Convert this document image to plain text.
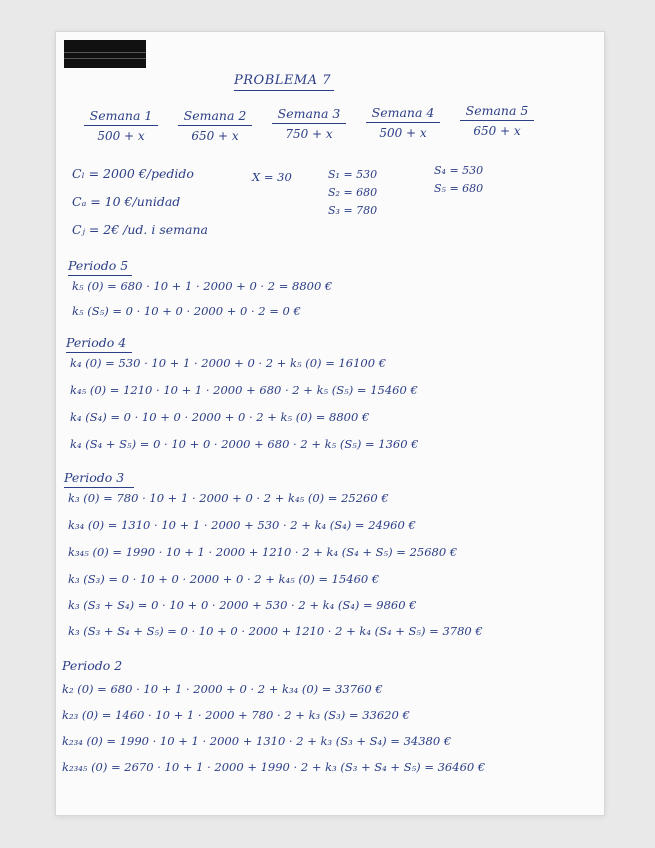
PROBLEMA 7
Semana 1
500 + x
Semana 2
650 + x
Semana 3
750 + x
Semana 4
500 + x
Semana 5
650 + x
Cₗ = 2000 €/pedido
Cₐ = 10 €/unidad
Cⱼ = 2€ /ud. i semana
X = 30	S₁ = 530
S₂ = 680
S₃ = 780
S₄ = 530
S₅ = 680
Periodo 5
k₅ (0) = 680 · 10 + 1 · 2000 + 0 · 2 = 8800 €
k₅ (S₅) = 0 · 10 + 0 · 2000 + 0 · 2 = 0 €
Periodo 4
k₄ (0) = 530 · 10 + 1 · 2000 + 0 · 2 + k₅ (0) = 16100 €
k₄₅ (0) = 1210 · 10 + 1 · 2000 + 680 · 2 + k₅ (S₅) = 15460 €
k₄ (S₄) = 0 · 10 + 0 · 2000 + 0 · 2 + k₅ (0) = 8800 €
k₄ (S₄ + S₅) = 0 · 10 + 0 · 2000 + 680 · 2 + k₅ (S₅) = 1360 €
Periodo 3
k₃ (0) = 780 · 10 + 1 · 2000 + 0 · 2 + k₄₅ (0) = 25260 €
k₃₄ (0) = 1310 · 10 + 1 · 2000 + 530 · 2 + k₄ (S₄) = 24960 €
k₃₄₅ (0) = 1990 · 10 + 1 · 2000 + 1210 · 2 + k₄ (S₄ + S₅) = 25680 €
k₃ (S₃) = 0 · 10 + 0 · 2000 + 0 · 2 + k₄₅ (0) = 15460 €
k₃ (S₃ + S₄) = 0 · 10 + 0 · 2000 + 530 · 2 + k₄ (S₄) = 9860 €
k₃ (S₃ + S₄ + S₅) = 0 · 10 + 0 · 2000 + 1210 · 2 + k₄ (S₄ + S₅) = 3780 €
Periodo 2
k₂ (0) = 680 · 10 + 1 · 2000 + 0 · 2 + k₃₄ (0) = 33760 €
k₂₃ (0) = 1460 · 10 + 1 · 2000 + 780 · 2 + k₃ (S₃) = 33620 €
k₂₃₄ (0) = 1990 · 10 + 1 · 2000 + 1310 · 2 + k₃ (S₃ + S₄) = 34380 €
k₂₃₄₅ (0) = 2670 · 10 + 1 · 2000 + 1990 · 2 + k₃ (S₃ + S₄ + S₅) = 36460 €
